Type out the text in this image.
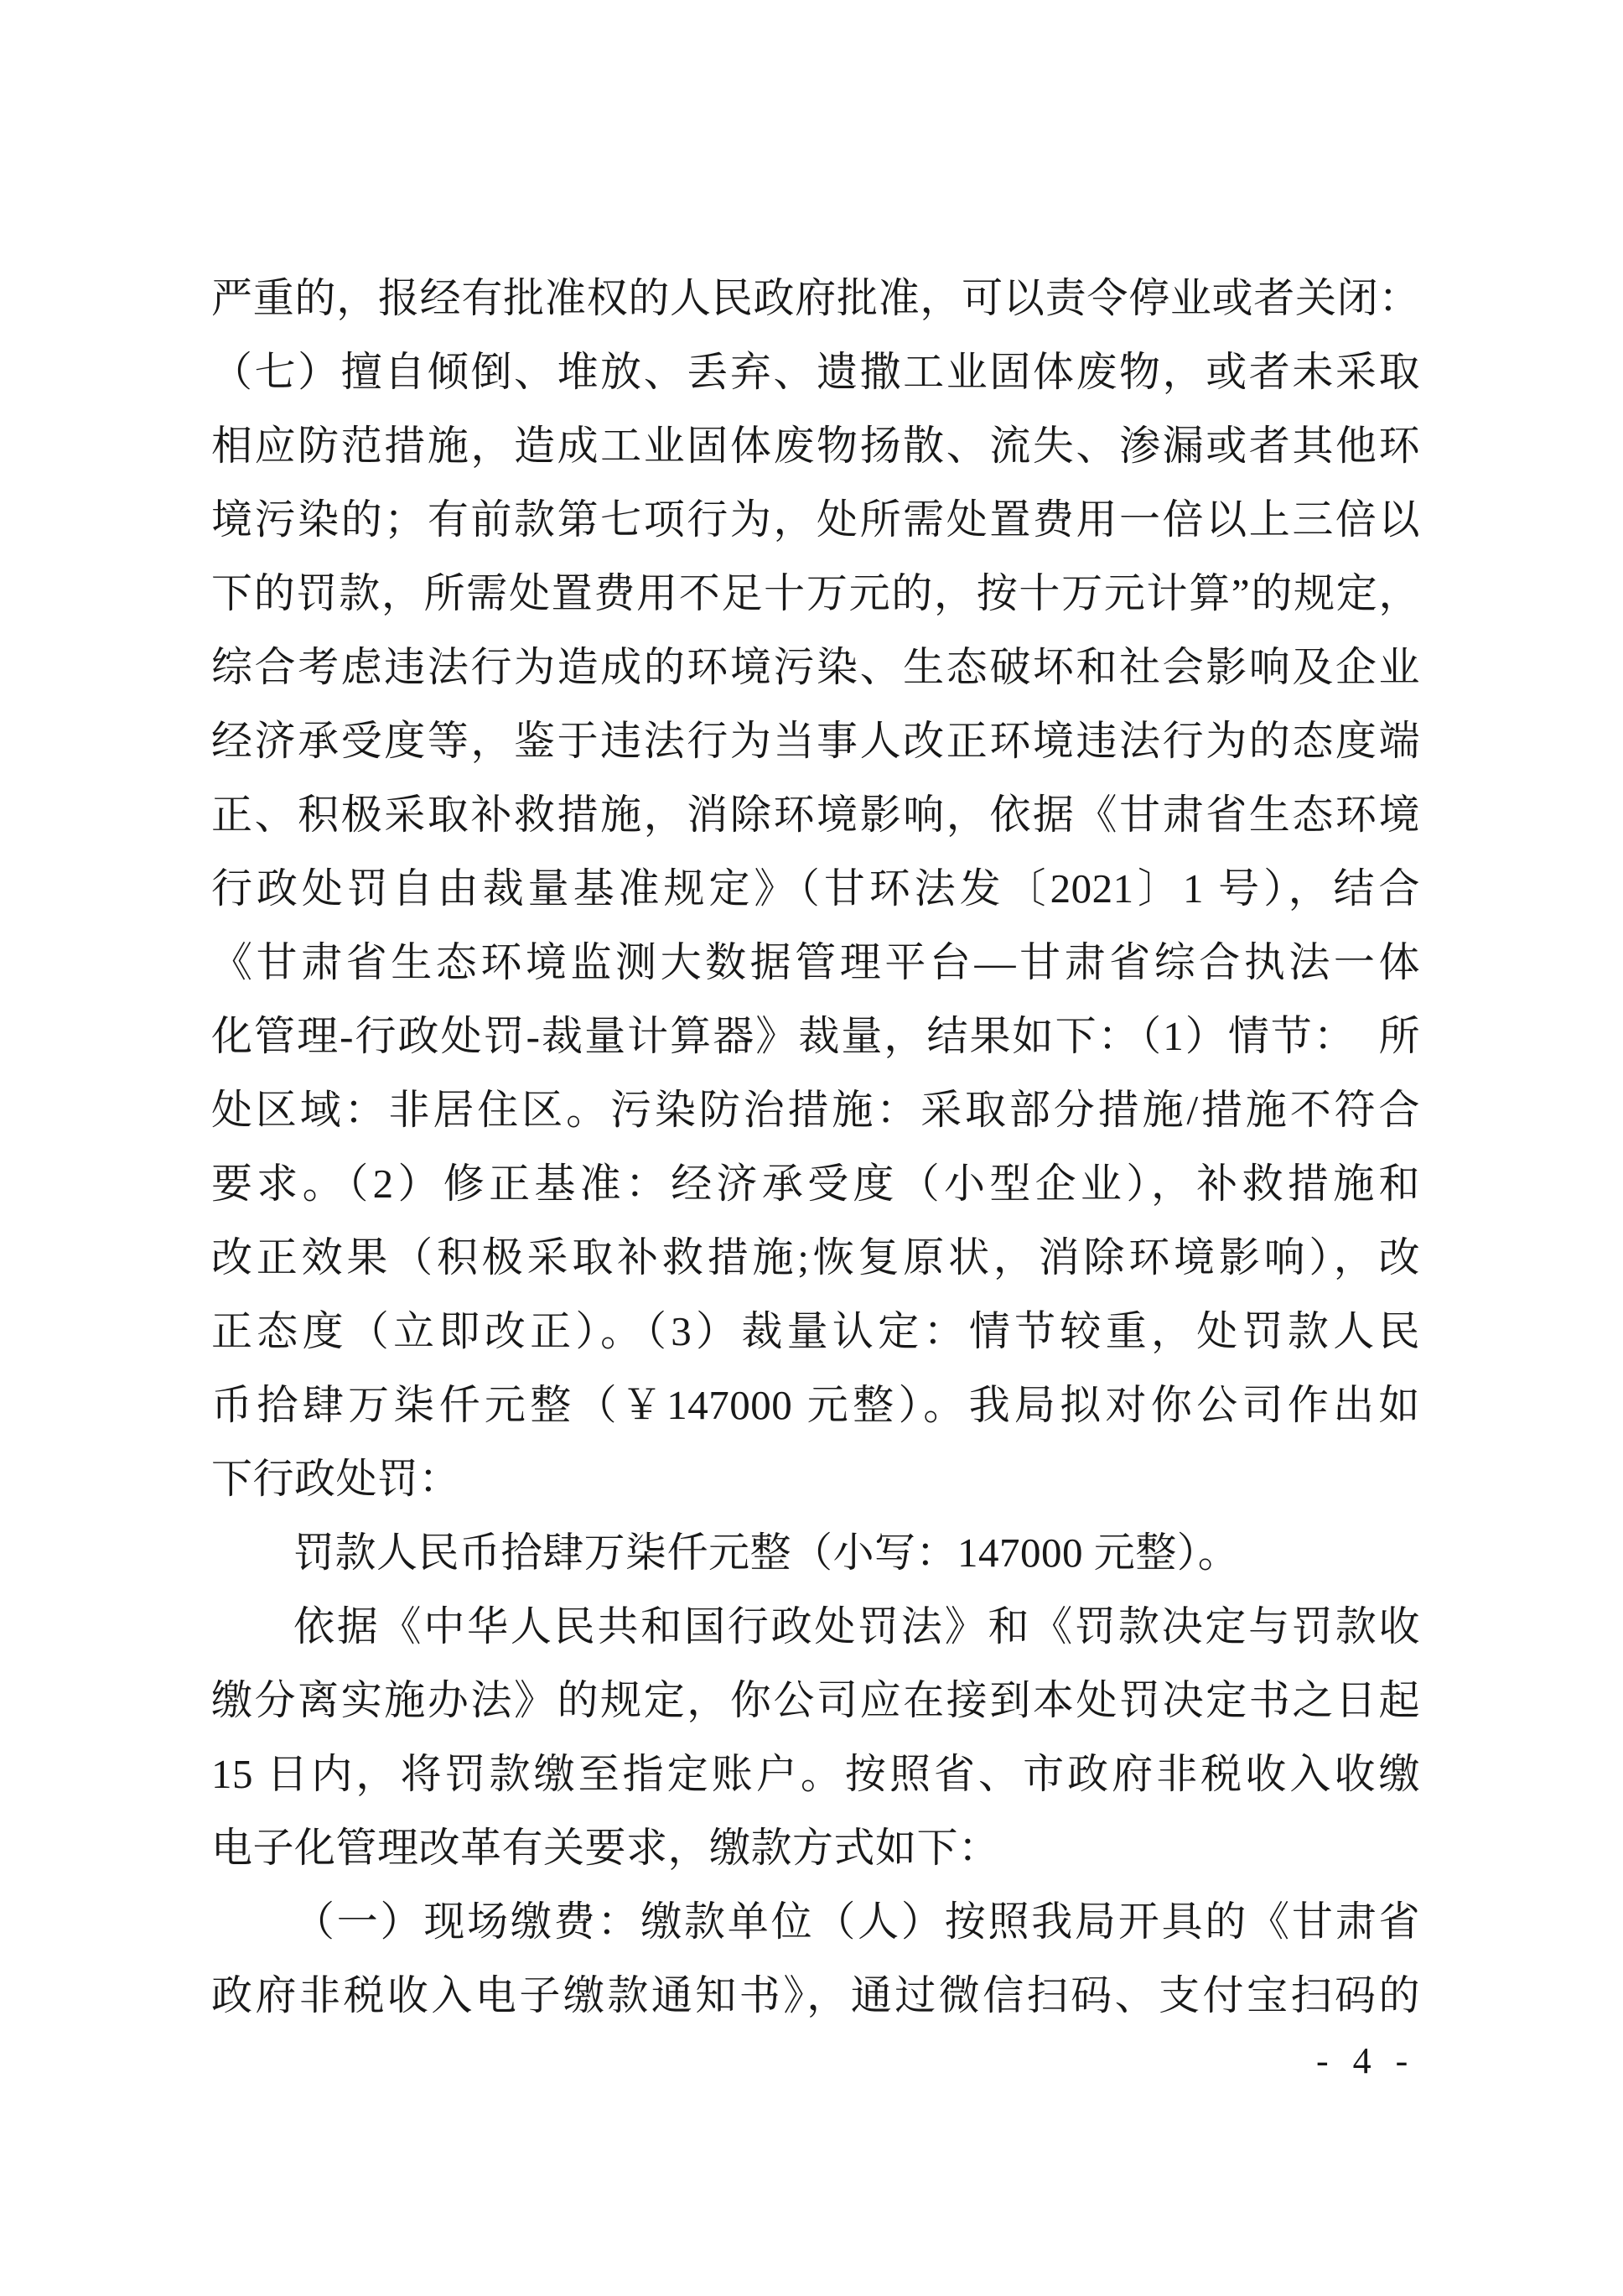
严重的，报经有批准权的人民政府批准，可以责令停业或者关闭：
（七）擅自倾倒、堆放、丢弃、遗撒工业固体废物，或者未采取
相应防范措施，造成工业固体废物扬散、流失、渗漏或者其他环
境污染的；有前款第七项行为，处所需处置费用一倍以上三倍以
下的罚款，所需处置费用不足十万元的，按十万元计算”的规定，
综合考虑违法行为造成的环境污染、生态破坏和社会影响及企业
经济承受度等，鉴于违法行为当事人改正环境违法行为的态度端
正、积极采取补救措施，消除环境影响，依据《甘肃省生态环境
行政处罚自由裁量基准规定》（甘环法发〔2021〕1 号），结合
《甘肃省生态环境监测大数据管理平台—甘肃省综合执法一体
化管理-行政处罚-裁量计算器》裁量，结果如下：（1）情节：　所
处区域：非居住区。污染防治措施：采取部分措施/措施不符合
要求。（2）修正基准：经济承受度（小型企业），补救措施和
改正效果（积极采取补救措施;恢复原状，消除环境影响），改
正态度（立即改正）。（3）裁量认定：情节较重，处罚款人民
币拾肆万柒仟元整（￥147000 元整）。我局拟对你公司作出如
下行政处罚：
罚款人民币拾肆万柒仟元整（小写：147000 元整）。
依据《中华人民共和国行政处罚法》和《罚款决定与罚款收
缴分离实施办法》的规定，你公司应在接到本处罚决定书之日起
15 日内，将罚款缴至指定账户。按照省、市政府非税收入收缴
电子化管理改革有关要求，缴款方式如下：
（一）现场缴费：缴款单位（人）按照我局开具的《甘肃省
政府非税收入电子缴款通知书》，通过微信扫码、支付宝扫码的
- 4 -
